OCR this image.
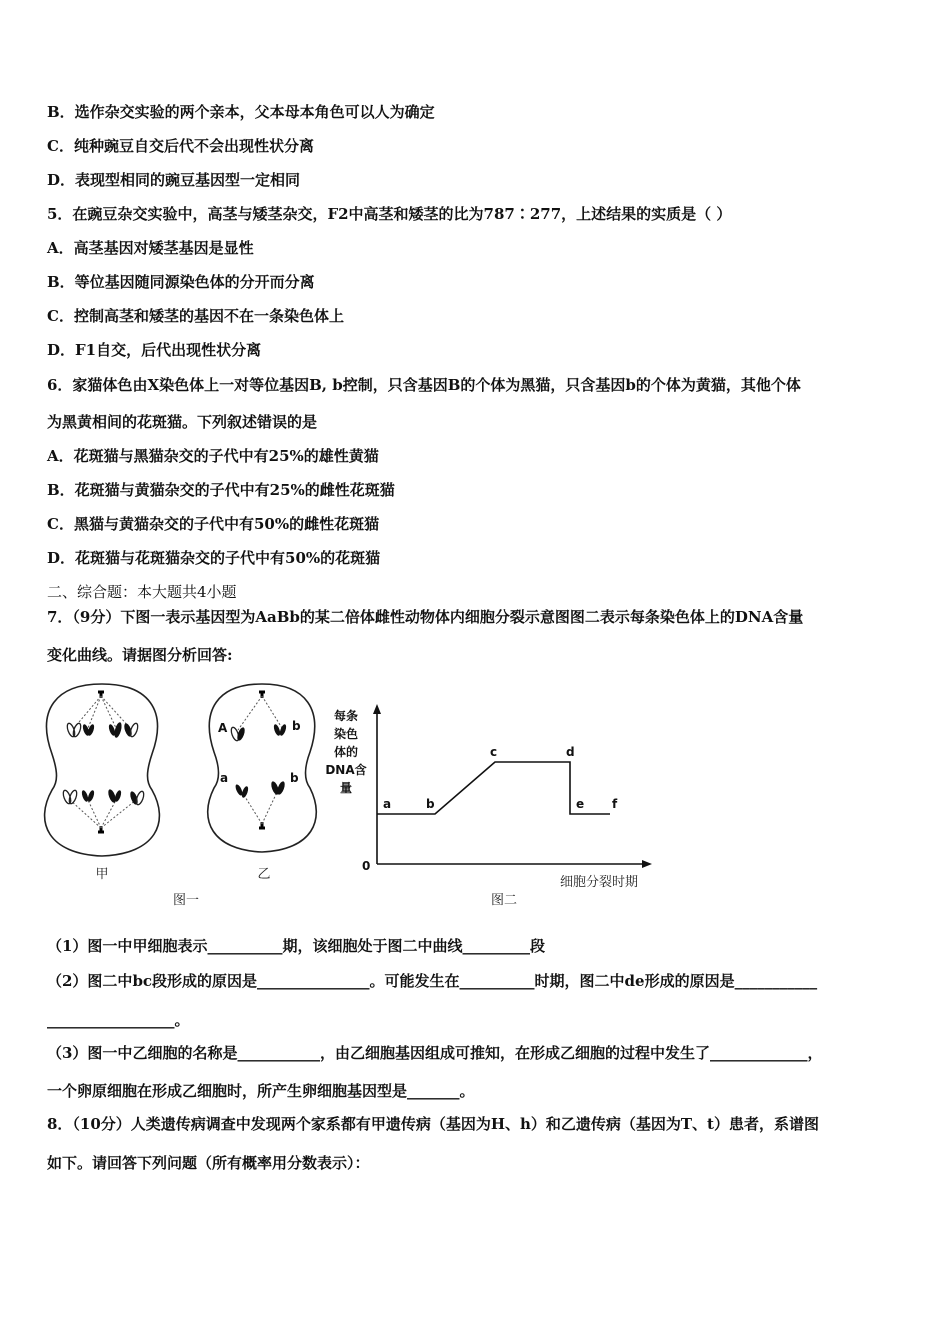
B．选作杂交实验的两个亲本，父本母本角色可以人为确定
C．纯种豌豆自交后代不会出现性状分离
D．表现型相同的豌豆基因型一定相同
5．在豌豆杂交实验中，高茎与矮茎杂交，F2中高茎和矮茎的比为787∶277，上述结果的实质是（ ）
A．高茎基因对矮茎基因是显性
B．等位基因随同源染色体的分开而分离
C．控制高茎和矮茎的基因不在一条染色体上
D．F1自交，后代出现性状分离
6．家猫体色由X染色体上一对等位基因B, b控制，只含基因B的个体为黑猫，只含基因b的个体为黄猫，其他个体
为黑黄相间的花斑猫。下列叙述错误的是
A．花斑猫与黑猫杂交的子代中有25%的雄性黄猫
B．花斑猫与黄猫杂交的子代中有25%的雌性花斑猫
C．黑猫与黄猫杂交的子代中有50%的雌性花斑猫
D．花斑猫与花斑猫杂交的子代中有50%的花斑猫
二、综合题：本大题共4小题
7．（9分）下图一表示基因型为AaBb的某二倍体雌性动物体内细胞分裂示意图图二表示每条染色体上的DNA含量
变化曲线。请据图分析回答:
（1）图一中甲细胞表示__________期，该细胞处于图二中曲线_________段
（2）图二中bc段形成的原因是_______________。可能发生在__________时期，图二中de形成的原因是___________
_________________。
（3）图一中乙细胞的名称是___________，由乙细胞基因组成可推知，在形成乙细胞的过程中发生了_____________，
一个卵原细胞在形成乙细胞时，所产生卵细胞基因型是_______。
8．（10分）人类遗传病调查中发现两个家系都有甲遗传病（基因为H、h）和乙遗传病（基因为T、t）患者，系谱图
如下。请回答下列问题（所有概率用分数表示）：
甲
A	b
a	b
乙
图一
每条
染色
体的
DNA含
量
0
a	b
c	d
e f
细胞分裂时期
图二
